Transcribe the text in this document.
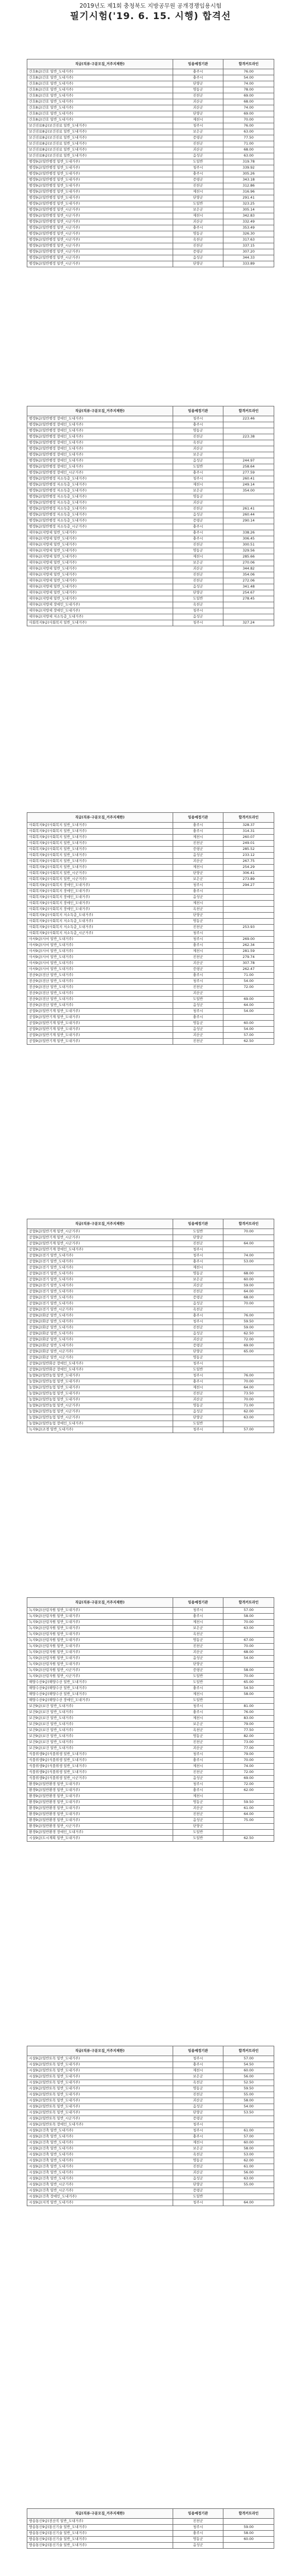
2019년도 제1회 충청북도 지방공무원 공개경쟁임용시험
필기시험('19. 6. 15. 시행) 합격선
직급(직류·구분모집_거주지제한)	임용예정기관	합격커트라인
간호8급(간호 일반_도내거주)	충주시	76.00
간호8급(간호 일반_도내거주)	충주시	54.00
간호8급(간호 일반_도내거주)	단양군	74.00
간호8급(간호 일반_도내거주)	영동군	78.00
간호8급(간호 일반_도내거주)	진천군	69.00
간호8급(간호 일반_도내거주)	괴산군	68.00
간호8급(간호 일반_도내거주)	괴산군	74.00
간호8급(간호 일반_도내거주)	단양군	69.00
간호8급(간호 일반_도내거주)	제천시	70.00
보건진료8급(보건진료 일반_도내거주)	청주시	76.00
보건진료8급(보건진료 일반_도내거주)	보은군	63.00
보건진료8급(보건진료 일반_도내거주)	증평군	77.50
보건진료8급(보건진료 일반_도내거주)	진천군	71.00
보건진료8급(보건진료 일반_도내거주)	괴산군	68.00
보건진료8급(보건진료 일반_도내거주)	음성군	63.00
행정9급(일반행정 일반_도내거주)	도일반	319.78
행정9급(일반행정 일반_도내거주)	청주시	339.92
행정9급(일반행정 일반_도내거주)	충주시	305.26
행정9급(일반행정 일반_도내거주)	증평군	343.18
행정9급(일반행정 일반_도내거주)	진천군	312.86
행정9급(일반행정 일반_도내거주)	제천시	316.96
행정9급(일반행정 일반_도내거주)	단양군	291.41
행정9급(일반행정 일반_도내거주)	도일반	323.25
행정9급(일반행정 일반_시군거주)	보은군	305.14
행정9급(일반행정 일반_시군거주)	제천시	342.83
행정9급(일반행정 일반_시군거주)	괴산군	332.49
행정9급(일반행정 일반_시군거주)	충주시	353.49
행정9급(일반행정 일반_시군거주)	영동군	326.30
행정9급(일반행정 일반_시군거주)	옥천군	317.63
행정9급(일반행정 일반_시군거주)	진천군	337.15
행정9급(일반행정 일반_시군거주)	증평군	307.20
행정9급(일반행정 일반_시군거주)	음성군	344.33
행정9급(일반행정 일반_시군거주)	단양군	333.89
직급(직류·구분모집_거주지제한)	임용예정기관	합격커트라인
행정9급(일반행정 장애인_도내거주)	청주시	223.46
행정9급(일반행정 장애인_도내거주)	충주시	
행정9급(일반행정 장애인_도내거주)	영동군	
행정9급(일반행정 장애인_도내거주)	진천군	223.38
행정9급(일반행정 장애인_도내거주)	옥천군	
행정9급(일반행정 장애인_도내거주)	괴산군	
행정9급(일반행정 장애인_도내거주)	보은군	
행정9급(일반행정 장애인_도내거주)	음성군	244.97
행정9급(일반행정 장애인_도내거주)	도일반	258.64
행정9급(일반행정 장애인_시군거주)	충주시	277.59
행정9급(일반행정 저소득층_도내거주)	청주시	260.41
행정9급(일반행정 저소득층_도내거주)	제천시	249.14
행정9급(일반행정 저소득층_도내거주)	보은군	354.00
행정9급(일반행정 저소득층_도내거주)	영동군	
행정9급(일반행정 저소득층_도내거주)	괴산군	
행정9급(일반행정 저소득층_도내거주)	진천군	261.41
행정9급(일반행정 저소득층_도내거주)	음성군	260.44
행정9급(일반행정 저소득층_도내거주)	증평군	290.14
행정9급(일반행정 저소득층_시군거주)	충주시	
세무9급(지방세 일반_도내거주)	충주시	338.26
세무9급(지방세 일반_도내거주)	충주시	306.45
세무9급(지방세 일반_도내거주)	진천군	300.51
세무9급(지방세 일반_도내거주)	영동군	329.56
세무9급(지방세 일반_도내거주)	제천시	285.66
세무9급(지방세 일반_도내거주)	보은군	270.06
세무9급(지방세 일반_도내거주)	괴산군	344.82
세무9급(지방세 일반_도내거주)	진천군	354.06
세무9급(지방세 일반_도내거주)	진천군	272.06
세무9급(지방세 일반_도내거주)	음성군	341.48
세무9급(지방세 일반_도내거주)	단양군	254.67
세무9급(지방세 일반_도내거주)	도일반	278.45
세무9급(지방세 장애인_도내거주)	옥천군	
세무9급(지방세 장애인_도내거주)	청주시	
세무9급(지방세 저소득층_도내거주)	음성군	
사회복지9급(사회복지 일반_도내거주)	청주시	327.24
직급(직류·구분모집_거주지제한)	임용예정기관	합격커트라인
사회복지9급(사회복지 일반_도내거주)	충주시	328.37
사회복지9급(사회복지 일반_도내거주)	충주시	314.31
사회복지9급(사회복지 일반_도내거주)	제천시	260.07
사회복지9급(사회복지 일반_도내거주)	진천군	249.01
사회복지9급(사회복지 일반_도내거주)	증평군	285.52
사회복지9급(사회복지 일반_도내거주)	음성군	233.12
사회복지9급(사회복지 일반_도내거주)	괴산군	267.75
사회복지9급(사회복지 일반_도내거주)	제천시	254.29
사회복지9급(사회복지 일반_시군거주)	단양군	306.41
사회복지9급(사회복지 일반_시군거주)	보은군	273.89
사회복지9급(사회복지 장애인_도내거주)	청주시	294.27
사회복지9급(사회복지 장애인_도내거주)	충주시	
사회복지9급(사회복지 장애인_도내거주)	음성군	
사회복지9급(사회복지 장애인_도내거주)	제천시	
사회복지9급(사회복지 장애인_도내거주)	옥천군	
사회복지9급(사회복지 저소득층_도내거주)	단양군	
사회복지9급(사회복지 저소득층_도내거주)	영동군	
사회복지9급(사회복지 저소득층_도내거주)	진천군	253.93
사회복지9급(사회복지 저소득층_시군거주)	청주시	
사서9급(사서 일반_도내거주)	청주시	269.00
사서9급(사서 일반_도내거주)	충주시	262.34
사서9급(사서 일반_도내거주)	제천시	281.59
사서9급(사서 일반_도내거주)	진천군	279.74
사서9급(사서 일반_도내거주)	괴산군	307.78
사서9급(사서 일반_도내거주)	증평군	262.47
전산9급(전산 일반_도내거주)	충주시	71.00
전산9급(전산 일반_도내거주)	청주시	54.00
전산9급(전산 일반_도내거주)	진천군	72.00
전산9급(전산 일반_도내거주)	괴산군	
전산9급(전산 일반_도내거주)	도일반	69.00
전산9급(전산 일반_도내거주)	음성군	64.00
공업9급(일반기계 일반_도내거주)	청주시	54.00
공업9급(일반기계 일반_도내거주)	충주시	
공업9급(일반기계 일반_도내거주)	영동군	60.00
공업9급(일반기계 일반_도내거주)	음성군	54.00
공업9급(일반기계 일반_도내거주)	괴산군	57.00
공업9급(일반기계 일반_도내거주)	진천군	62.50
직급(직류·구분모집_거주지제한)	임용예정기관	합격커트라인
공업9급(일반기계 일반_시군거주)	도일반	70.00
공업9급(일반기계 일반_시군거주)	단양군	
공업9급(일반기계 일반_시군거주)	진천군	64.00
공업9급(일반기계 장애인_도내거주)	청주시	
공업9급(전기 일반_도내거주)	청주시	74.00
공업9급(전기 일반_도내거주)	충주시	53.00
공업9급(전기 일반_도내거주)	제천시	
공업9급(전기 일반_도내거주)	영동군	68.00
공업9급(전기 일반_도내거주)	보은군	60.00
공업9급(전기 일반_도내거주)	괴산군	59.00
공업9급(전기 일반_도내거주)	진천군	64.00
공업9급(전기 일반_도내거주)	증평군	68.00
공업9급(전기 일반_도내거주)	음성군	70.00
공업9급(전기 일반_시군거주)	옥천군	
공업9급(화공 일반_도내거주)	충주시	76.00
공업9급(화공 일반_도내거주)	청주시	59.50
공업9급(화공 일반_도내거주)	진천군	59.00
공업9급(화공 일반_도내거주)	음성군	62.50
공업9급(화공 일반_도내거주)	괴산군	72.00
공업9급(화공 일반_도내거주)	증평군	69.00
공업9급(화공 일반_시군거주)	단양군	65.00
공업9급(화공 일반_시군거주)	영동군	
공업9급(일반화공 장애인_도내거주)	청주시	
공업9급(일반화공 장애인_도내거주)	도일반	
농업9급(일반농업 일반_도내거주)	청주시	76.00
농업9급(일반농업 일반_도내거주)	충주시	70.00
농업9급(일반농업 일반_도내거주)	제천시	64.00
농업9급(일반농업 일반_도내거주)	진천군	73.50
농업9급(일반농업 일반_도내거주)	괴산군	70.00
농업9급(일반농업 일반_시군거주)	영동군	71.00
농업9급(일반농업 일반_시군거주)	음성군	62.00
농업9급(일반농업 일반_시군거주)	단양군	63.00
농업9급(일반농업 장애인_도내거주)	도일반	
녹지9급(조경 일반_도내거주)	청주시	57.00
직급(직류·구분모집_거주지제한)	임용예정기관	합격커트라인
녹지9급(산림자원 일반_도내거주)	청주시	57.00
녹지9급(산림자원 일반_도내거주)	충주시	58.00
녹지9급(산림자원 일반_도내거주)	제천시	70.00
녹지9급(산림자원 일반_도내거주)	보은군	63.00
녹지9급(산림자원 일반_도내거주)	옥천군	
녹지9급(산림자원 일반_도내거주)	영동군	67.00
녹지9급(산림자원 일반_도내거주)	진천군	70.00
녹지9급(산림자원 일반_도내거주)	괴산군	68.00
녹지9급(산림자원 일반_도내거주)	음성군	54.00
녹지9급(산림자원 일반_도내거주)	단양군	
녹지9급(산림자원 일반_시군거주)	증평군	58.00
녹지9급(산림자원 일반_시군거주)	도일반	70.00
해양수산9급(해양수산 일반_도내거주)	도일반	65.00
해양수산9급(해양수산 일반_도내거주)	충주시	54.50
해양수산9급(해양수산 일반_도내거주)	제천시	58.00
해양수산9급(해양수산 장애인_도내거주)	도일반	
보건9급(보건 일반_도내거주)	청주시	81.00
보건9급(보건 일반_도내거주)	충주시	76.00
보건9급(보건 일반_도내거주)	제천시	83.00
보건9급(보건 일반_도내거주)	보은군	79.00
보건9급(보건 일반_도내거주)	옥천군	77.50
보건9급(보건 일반_도내거주)	영동군	82.00
보건9급(보건 일반_도내거주)	진천군	73.00
보건9급(보건 일반_도내거주)	괴산군	77.00
식품위생9급(식품위생 일반_도내거주)	청주시	79.00
식품위생9급(식품위생 일반_도내거주)	충주시	70.00
식품위생9급(식품위생 일반_도내거주)	제천시	74.00
식품위생9급(식품위생 일반_도내거주)	진천군	72.00
식품위생9급(식품위생 일반_시군거주)	음성군	69.00
환경9급(일반환경 일반_도내거주)	청주시	72.00
환경9급(일반환경 일반_도내거주)	충주시	62.00
환경9급(일반환경 일반_도내거주)	제천시	
환경9급(일반환경 일반_도내거주)	영동군	59.50
환경9급(일반환경 일반_도내거주)	괴산군	61.00
환경9급(일반환경 일반_도내거주)	진천군	64.00
환경9급(일반환경 일반_도내거주)	음성군	75.00
환경9급(일반환경 일반_시군거주)	단양군	
환경9급(일반환경 장애인_도내거주)	도일반	
시설9급(도시계획 일반_도내거주)	도일반	62.50
직급(직류·구분모집_거주지제한)	임용예정기관	합격커트라인
시설9급(일반토목 일반_도내거주)	청주시	57.00
시설9급(일반토목 일반_도내거주)	충주시	54.50
시설9급(일반토목 일반_도내거주)	제천시	60.00
시설9급(일반토목 일반_도내거주)	보은군	56.00
시설9급(일반토목 일반_도내거주)	옥천군	52.50
시설9급(일반토목 일반_도내거주)	영동군	59.50
시설9급(일반토목 일반_도내거주)	진천군	55.00
시설9급(일반토목 일반_도내거주)	괴산군	58.00
시설9급(일반토목 일반_도내거주)	음성군	54.00
시설9급(일반토목 일반_도내거주)	단양군	53.50
시설9급(일반토목 일반_시군거주)	증평군	
시설9급(일반토목 장애인_도내거주)	청주시	
시설9급(건축 일반_도내거주)	청주시	61.00
시설9급(건축 일반_도내거주)	충주시	57.00
시설9급(건축 일반_도내거주)	제천시	60.00
시설9급(건축 일반_도내거주)	보은군	58.00
시설9급(건축 일반_도내거주)	옥천군	53.00
시설9급(건축 일반_도내거주)	영동군	62.00
시설9급(건축 일반_도내거주)	진천군	61.00
시설9급(건축 일반_도내거주)	괴산군	56.00
시설9급(건축 일반_도내거주)	음성군	63.00
시설9급(건축 일반_시군거주)	단양군	55.00
시설9급(건축 일반_시군거주)	증평군	
시설9급(건축 장애인_도내거주)	도일반	
시설9급(지적 일반_도내거주)	청주시	64.00
직급(직류·구분모집_거주지제한)	임용예정기관	합격커트라인
방송통신9급(전산직 일반_도내거주)	진천군	
방송통신9급(통신기술 일반_도내거주)	청주시	59.00
방송통신9급(통신기술 일반_도내거주)	충주시	58.00
방송통신9급(통신기술 일반_도내거주)	영동군	60.00
방송통신9급(통신기술 일반_도내거주)	음성군	
